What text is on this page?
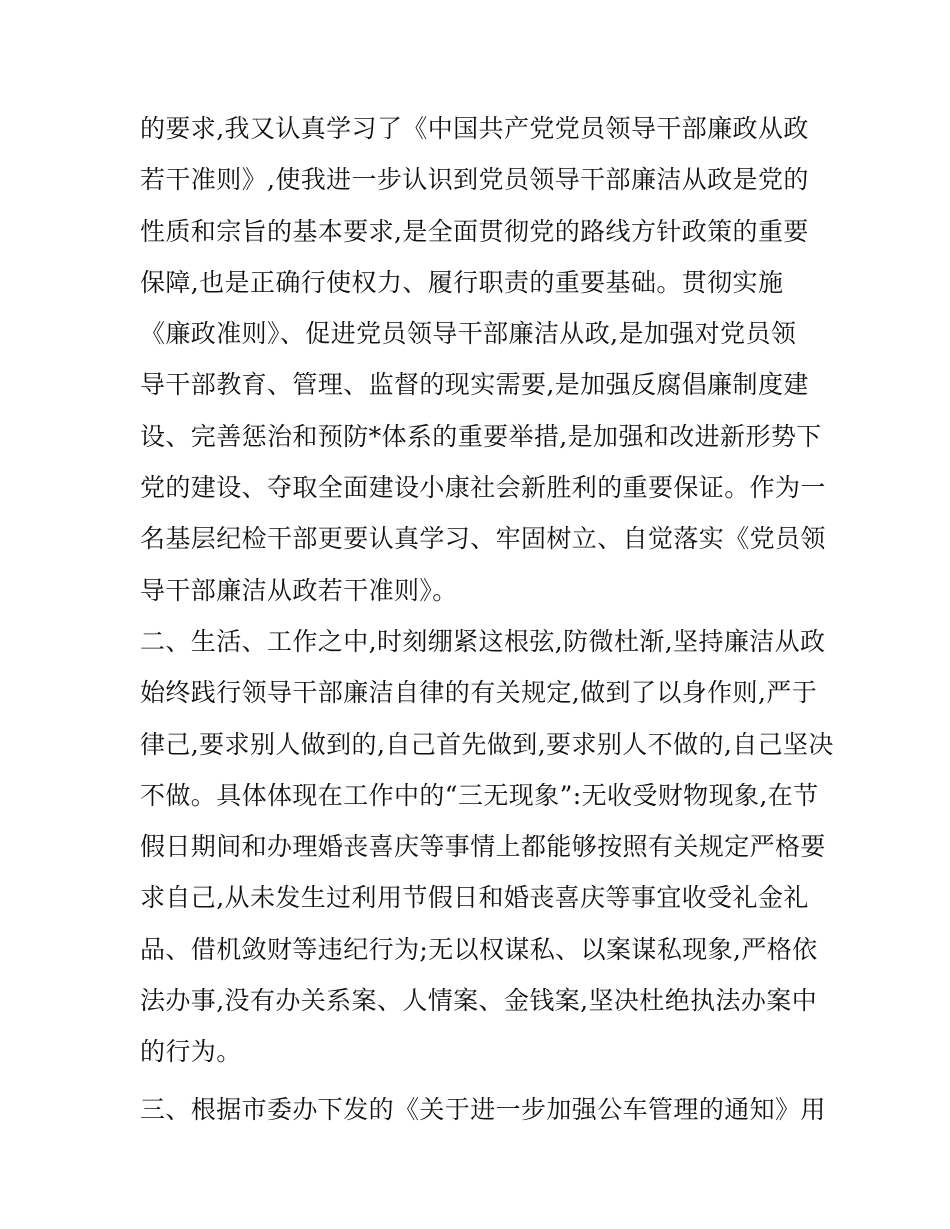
的要求,我又认真学习了《中国共产党党员领导干部廉政从政
若干准则》,使我进一步认识到党员领导干部廉洁从政是党的
性质和宗旨的基本要求,是全面贯彻党的路线方针政策的重要
保障,也是正确行使权力、履行职责的重要基础。贯彻实施
《廉政准则》、促进党员领导干部廉洁从政,是加强对党员领
导干部教育、管理、监督的现实需要,是加强反腐倡廉制度建
设、完善惩治和预防*体系的重要举措,是加强和改进新形势下
党的建设、夺取全面建设小康社会新胜利的重要保证。作为一
名基层纪检干部更要认真学习、牢固树立、自觉落实《党员领
导干部廉洁从政若干准则》。
二、生活、工作之中,时刻绷紧这根弦,防微杜渐,坚持廉洁从政
始终践行领导干部廉洁自律的有关规定,做到了以身作则,严于
律己,要求别人做到的,自己首先做到,要求别人不做的,自己坚决
不做。具体体现在工作中的“三无现象”:无收受财物现象,在节
假日期间和办理婚丧喜庆等事情上都能够按照有关规定严格要
求自己,从未发生过利用节假日和婚丧喜庆等事宜收受礼金礼
品、借机敛财等违纪行为;无以权谋私、以案谋私现象,严格依
法办事,没有办关系案、人情案、金钱案,坚决杜绝执法办案中
的行为。
三、根据市委办下发的《关于进一步加强公车管理的通知》用
